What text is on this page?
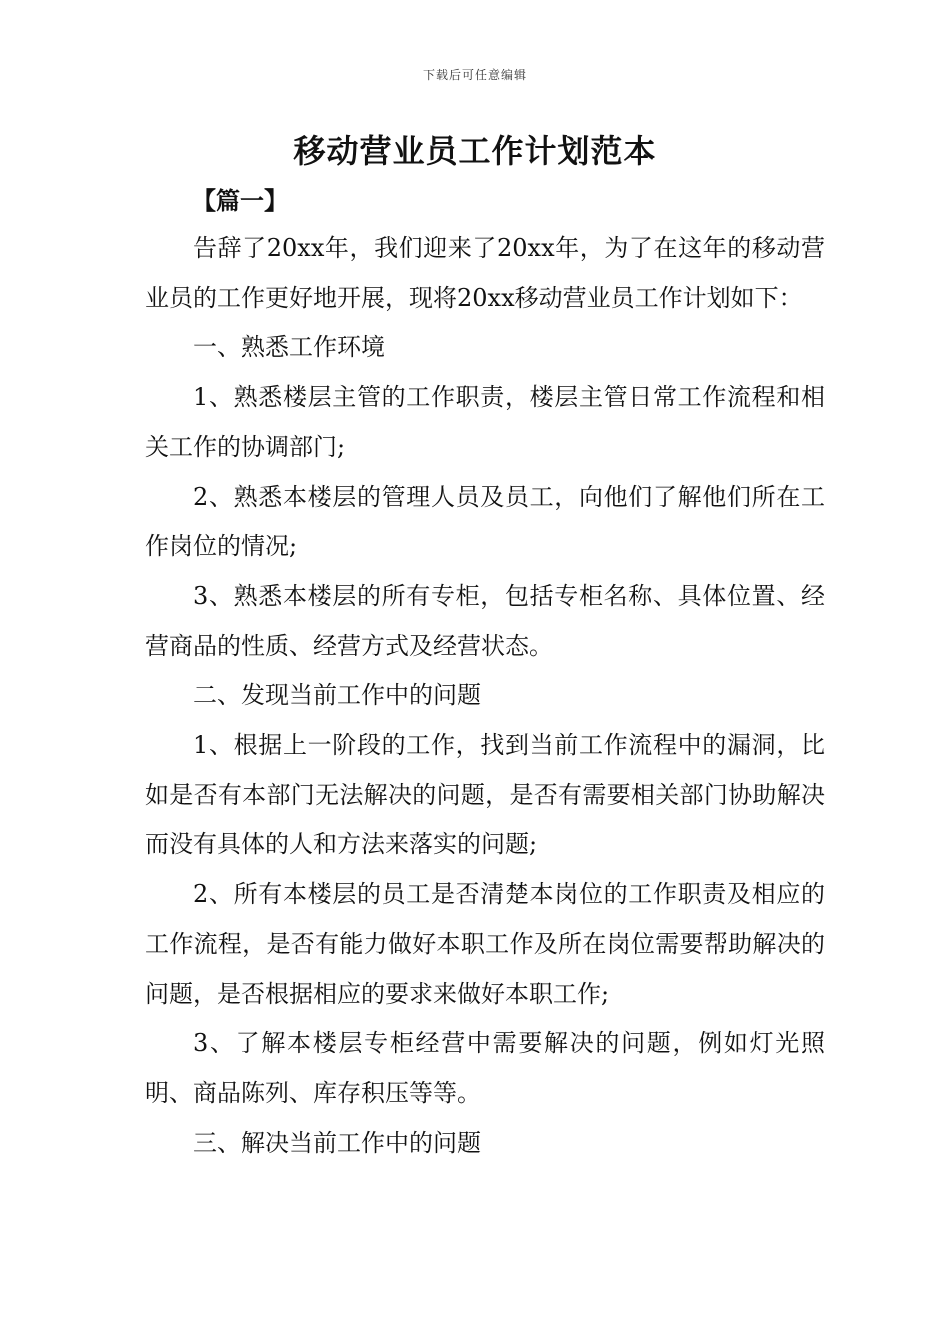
下载后可任意编辑
移动营业员工作计划范本
【篇一】

告辞了20xx年，我们迎来了20xx年，为了在这年的移动营业员的工作更好地开展，现将20xx移动营业员工作计划如下：

一、熟悉工作环境

1、熟悉楼层主管的工作职责，楼层主管日常工作流程和相关工作的协调部门;

2、熟悉本楼层的管理人员及员工，向他们了解他们所在工作岗位的情况;

3、熟悉本楼层的所有专柜，包括专柜名称、具体位置、经营商品的性质、经营方式及经营状态。

二、发现当前工作中的问题

1、根据上一阶段的工作，找到当前工作流程中的漏洞，比如是否有本部门无法解决的问题，是否有需要相关部门协助解决而没有具体的人和方法来落实的问题;

2、所有本楼层的员工是否清楚本岗位的工作职责及相应的工作流程，是否有能力做好本职工作及所在岗位需要帮助解决的问题，是否根据相应的要求来做好本职工作;

3、了解本楼层专柜经营中需要解决的问题，例如灯光照明、商品陈列、库存积压等等。

三、解决当前工作中的问题
